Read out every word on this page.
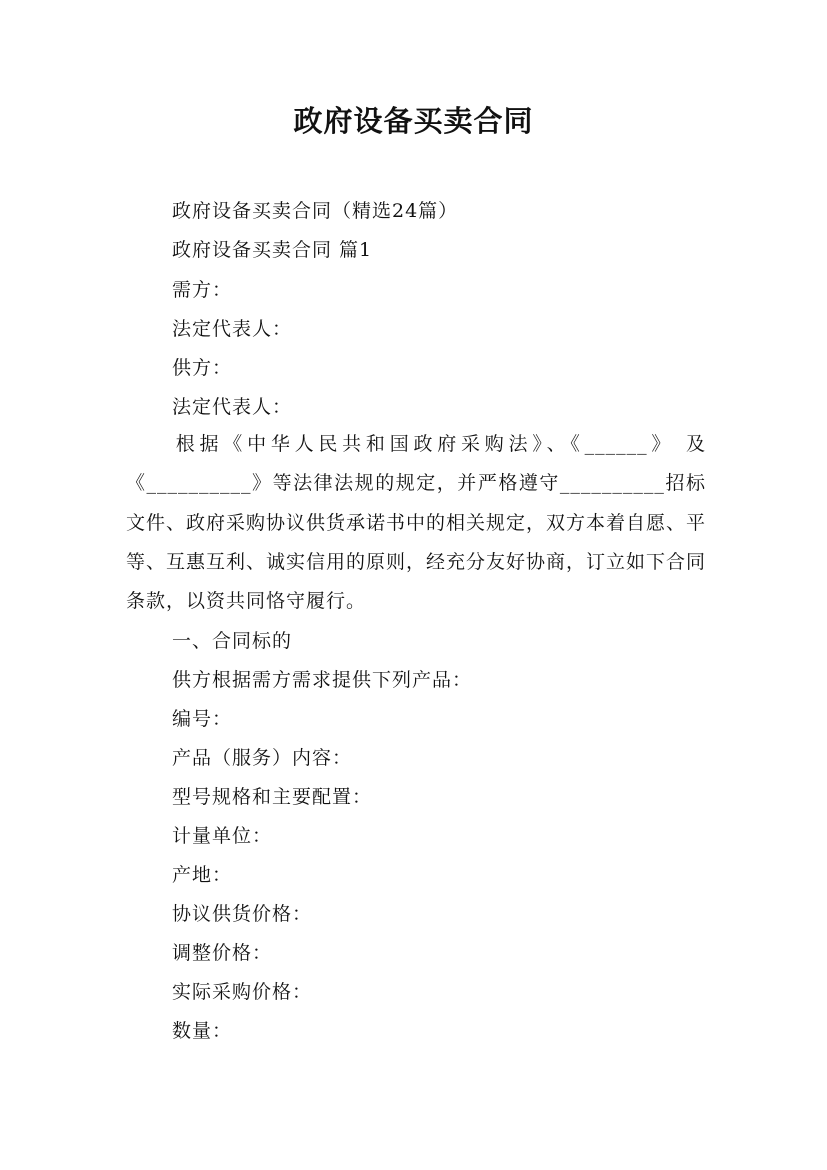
政府设备买卖合同
政府设备买卖合同（精选24篇）
政府设备买卖合同 篇1
需方：
法定代表人：
供方：
法定代表人：
根据《中华人民共和国政府采购法》、《______》 及《__________》等法律法规的规定，并严格遵守__________招标文件、政府采购协议供货承诺书中的相关规定，双方本着自愿、平等、互惠互利、诚实信用的原则，经充分友好协商，订立如下合同条款，以资共同恪守履行。
一、合同标的
供方根据需方需求提供下列产品：
编号：
产品（服务）内容：
型号规格和主要配置：
计量单位：
产地：
协议供货价格：
调整价格：
实际采购价格：
数量：
